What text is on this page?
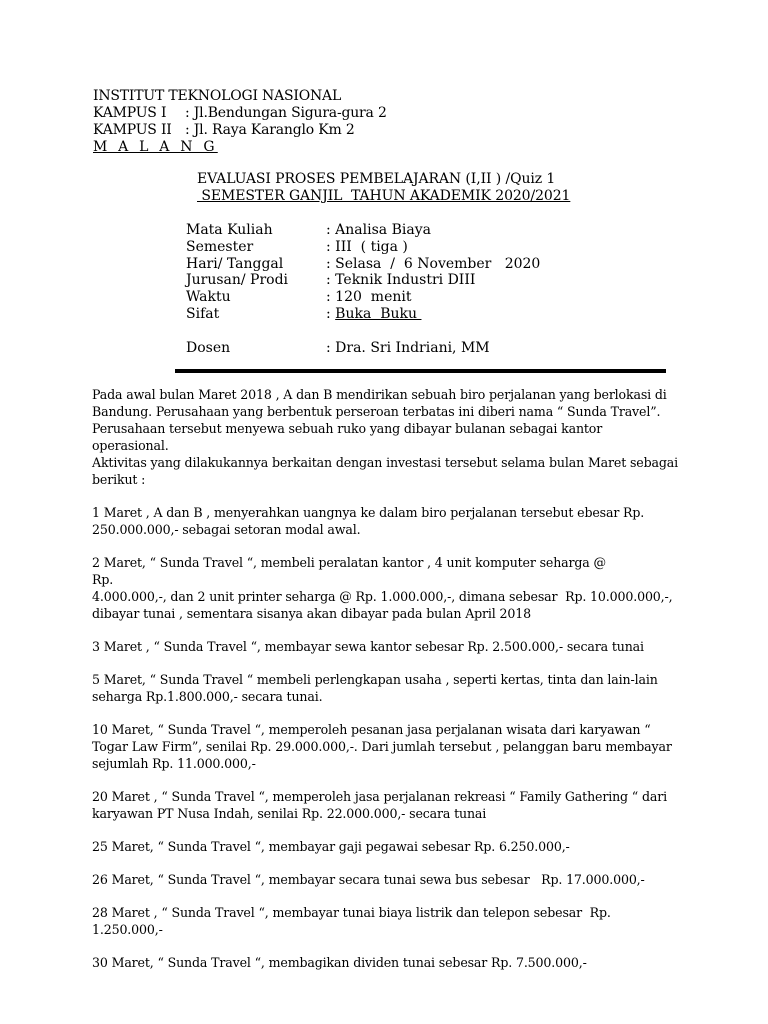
INSTITUT TEKNOLOGI NASIONAL
KAMPUS I : Jl.Bendungan Sigura-gura 2
KAMPUS II : Jl. Raya Karanglo Km 2
M A L A N G
EVALUASI PROSES PEMBELAJARAN (I,II ) /Quiz 1
SEMESTER GANJIL  TAHUN AKADEMIK 2020/2021
Mata Kuliah	: Analisa Biaya
Semester	: III  ( tiga )
Hari/ Tanggal	: Selasa  /  6 November   2020
Jurusan/ Prodi	: Teknik Industri DIII
Waktu	: 120  menit
Sifat	: Buka  Buku
Dosen	: Dra. Sri Indriani, MM

Pada awal bulan Maret 2018 , A dan B mendirikan sebuah biro perjalanan yang berlokasi di
Bandung. Perusahaan yang berbentuk perseroan terbatas ini diberi nama “ Sunda Travel”.
Perusahaan tersebut menyewa sebuah ruko yang dibayar bulanan sebagai kantor operasional.
Aktivitas yang dilakukannya berkaitan dengan investasi tersebut selama bulan Maret sebagai
berikut :

1 Maret , A dan B , menyerahkan uangnya ke dalam biro perjalanan tersebut ebesar Rp.
250.000.000,- sebagai setoran modal awal.

2 Maret, “ Sunda Travel “, membeli peralatan kantor , 4 unit komputer seharga @               Rp.
4.000.000,-, dan 2 unit printer seharga @ Rp. 1.000.000,-, dimana sebesar  Rp. 10.000.000,-,
dibayar tunai , sementara sisanya akan dibayar pada bulan April 2018

3 Maret , “ Sunda Travel “, membayar sewa kantor sebesar Rp. 2.500.000,- secara tunai

5 Maret, “ Sunda Travel “ membeli perlengkapan usaha , seperti kertas, tinta dan lain-lain
seharga Rp.1.800.000,- secara tunai.

10 Maret, “ Sunda Travel “, memperoleh pesanan jasa perjalanan wisata dari karyawan “
Togar Law Firm”, senilai Rp. 29.000.000,-. Dari jumlah tersebut , pelanggan baru membayar
sejumlah Rp. 11.000.000,-

20 Maret , “ Sunda Travel “, memperoleh jasa perjalanan rekreasi “ Family Gathering “ dari
karyawan PT Nusa Indah, senilai Rp. 22.000.000,- secara tunai

25 Maret, “ Sunda Travel “, membayar gaji pegawai sebesar Rp. 6.250.000,-

26 Maret, “ Sunda Travel “, membayar secara tunai sewa bus sebesar   Rp. 17.000.000,-

28 Maret , “ Sunda Travel “, membayar tunai biaya listrik dan telepon sebesar  Rp. 1.250.000,-

30 Maret, “ Sunda Travel “, membagikan dividen tunai sebesar Rp. 7.500.000,-
